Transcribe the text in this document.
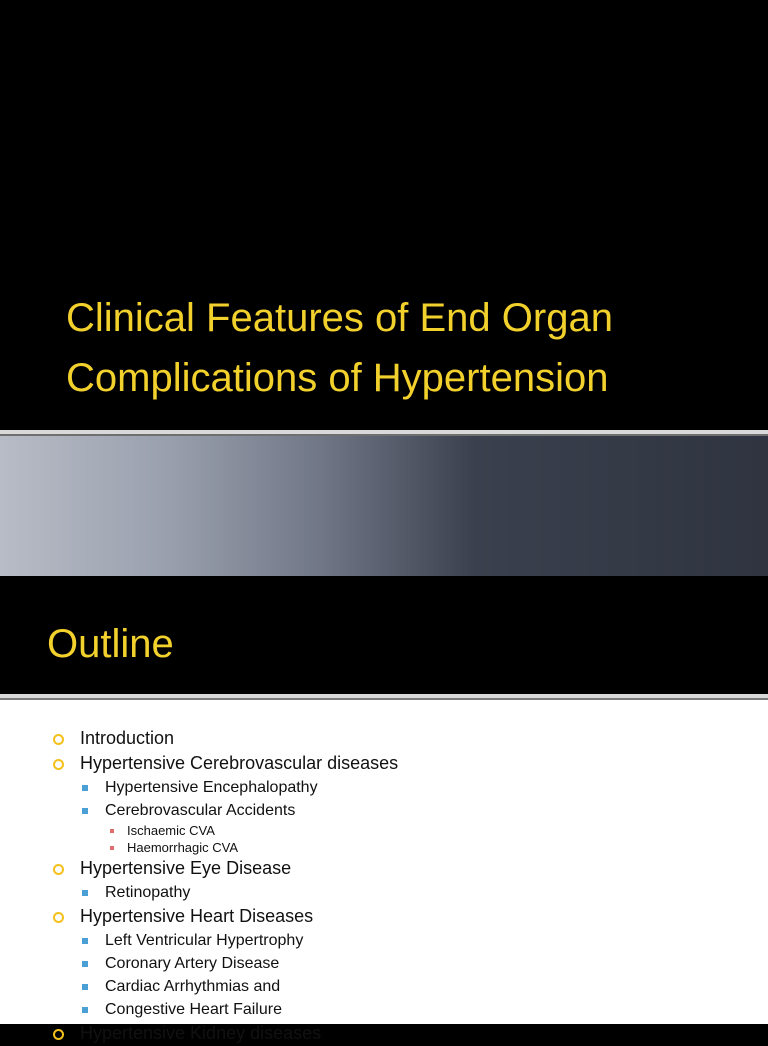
Clinical Features of End Organ
Complications of Hypertension
Outline
Introduction
Hypertensive Cerebrovascular diseases
Hypertensive Encephalopathy
Cerebrovascular Accidents
Ischaemic CVA
Haemorrhagic CVA
Hypertensive Eye Disease
Retinopathy
Hypertensive Heart Diseases
Left Ventricular Hypertrophy
Coronary Artery Disease
Cardiac Arrhythmias and
Congestive Heart Failure
Hypertensive Kidney diseases
